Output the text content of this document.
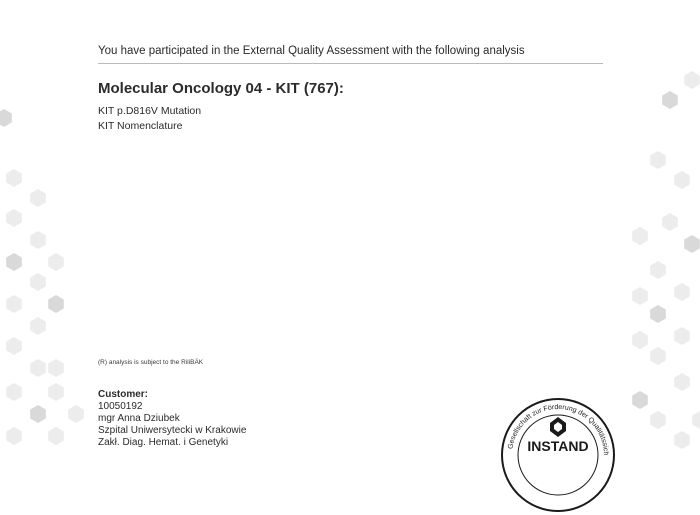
You have participated in the External Quality Assessment with the following analysis
Molecular Oncology 04 - KIT (767):
KIT p.D816V Mutation
KIT Nomenclature
(R) analysis is subject to the RiliBÄK
Customer:
10050192
mgr Anna Dziubek
Szpital Uniwersytecki w Krakowie
Zakł. Diag. Hemat. i Genetyki	Gesellschaft zur Förderung der Qualitätssich
INSTAND
